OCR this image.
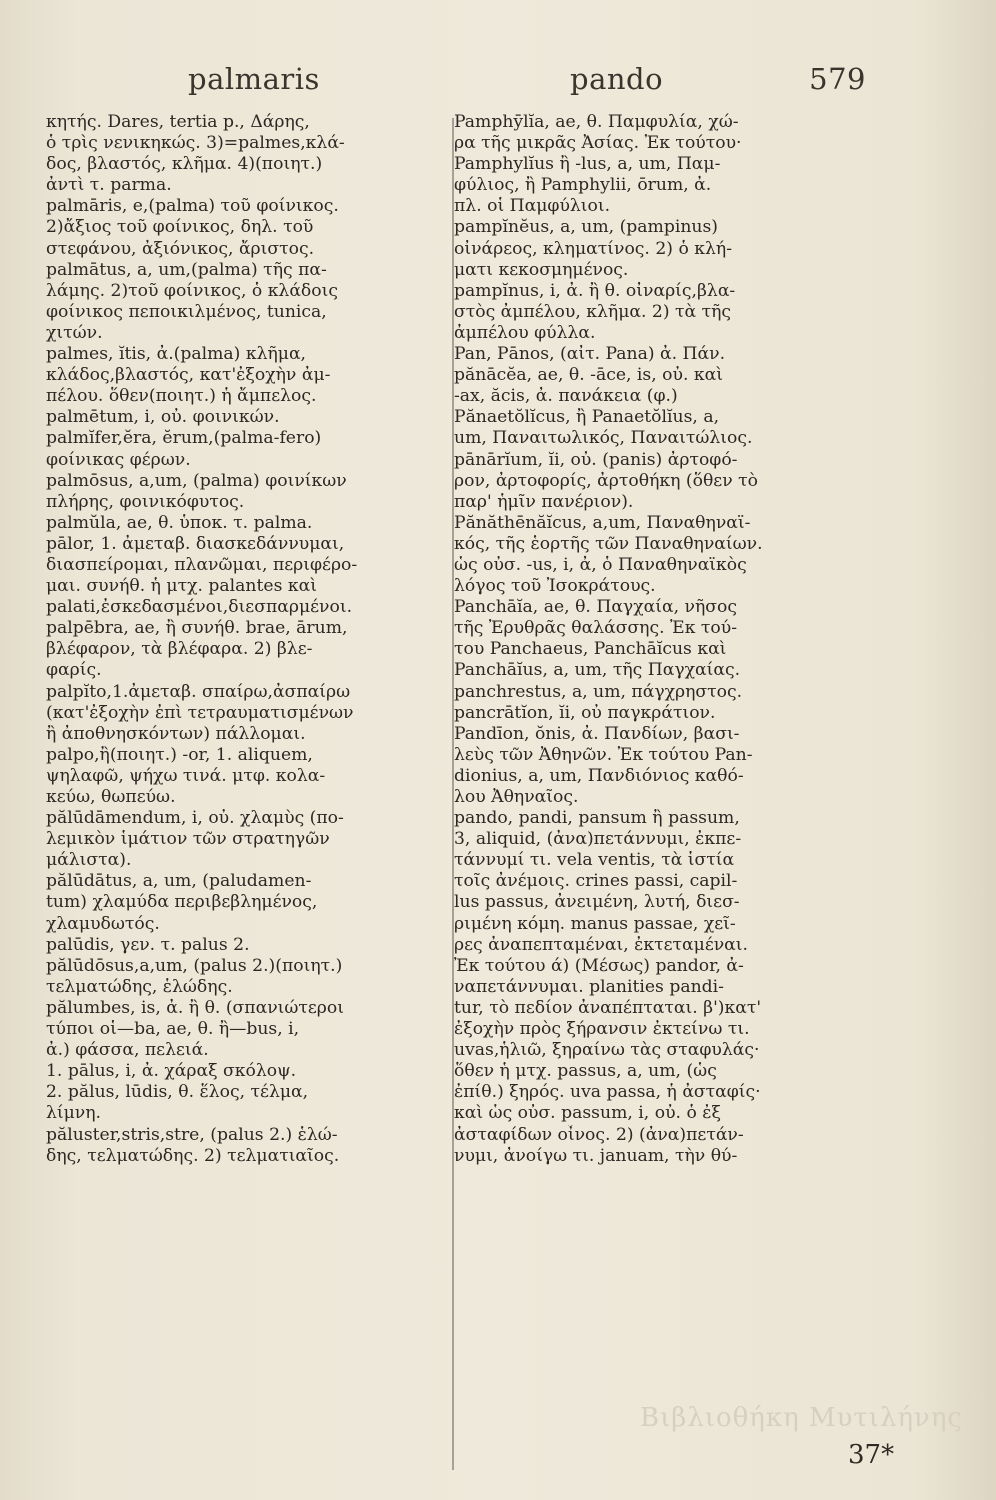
palmaris	pando	579
κητής. Dares, tertia p., Δάρης,
ὁ τρὶς νενικηκώς. 3)=palmes,κλά-
δος, βλαστός, κλῆμα. 4)(ποιητ.)
ἀντὶ τ. parma.
palmāris, e,(palma) τοῦ φοίνικος.
2)ἄξιος τοῦ φοίνικος, δηλ. τοῦ
στεφάνου, ἀξιόνικος, ἄριστος.
palmātus, a, um,(palma) τῆς πα-
λάμης. 2)τοῦ φοίνικος, ὁ κλάδοις
φοίνικος πεποικιλμένος, tunica,
χιτών.
palmes, ĭtis, ἀ.(palma) κλῆμα,
κλάδος,βλαστός, κατ'ἐξοχὴν ἀμ-
πέλου. ὅθεν(ποιητ.) ἡ ἄμπελος.
palmētum, i, οὐ. φοινικών.
palmĭfer,ĕra, ĕrum,(palma-fero)
φοίνικας φέρων.
palmōsus, a,um, (palma) φοινίκων
πλήρης, φοινικόφυτος.
palmŭla, ae, θ. ὑποκ. τ. palma.
pālor, 1. ἀμεταβ. διασκεδάννυμαι,
διασπείρομαι, πλανῶμαι, περιφέρο-
μαι. συνήθ. ἡ μτχ. palantes καὶ
palati,ἐσκεδασμένοι,διεσπαρμένοι.
palpēbra, ae, ἢ συνήθ. brae, ārum,
βλέφαρον, τὰ βλέφαρα. 2) βλε-
φαρίς.
palpĭto,1.ἀμεταβ. σπαίρω,ἀσπαίρω
(κατ'ἐξοχὴν ἐπὶ τετραυματισμένων
ἢ ἀποθνησκόντων) πάλλομαι.
palpo,ἢ(ποιητ.) -or, 1. aliquem,
ψηλαφῶ, ψήχω τινά. μτφ. κολα-
κεύω, θωπεύω.
pălūdāmendum, i, οὐ. χλαμὺς (πο-
λεμικὸν ἱμάτιον τῶν στρατηγῶν
μάλιστα).
pălūdātus, a, um, (paludamen-
tum) χλαμύδα περιβεβλημένος,
χλαμυδωτός.
palūdis, γεν. τ. palus 2.
pălūdōsus,a,um, (palus 2.)(ποιητ.)
τελματώδης, ἑλώδης.
pălumbes, is, ἀ. ἢ θ. (σπανιώτεροι
τύποι οἱ—ba, ae, θ. ἢ—bus, i,
ἀ.) φάσσα, πελειά.
1. pālus, i, ἀ. χάραξ σκόλοψ.
2. pălus, lūdis, θ. ἕλος, τέλμα,
λίμνη.
păluster,stris,stre, (palus 2.) ἑλώ-
δης, τελματώδης. 2) τελματιαῖος.
Pamphȳlĭa, ae, θ. Παμφυλία, χώ-
ρα τῆς μικρᾶς Ἀσίας. Ἐκ τούτου·
Pamphylĭus ἢ -lus, a, um, Παμ-
φύλιος, ἢ Pamphylii, ōrum, ἀ.
πλ. οἱ Παμφύλιοι.
pampĭnĕus, a, um, (pampinus)
οἰνάρεος, κληματίνος. 2) ὁ κλή-
ματι κεκοσμημένος.
pampĭnus, i, ἀ. ἢ θ. οἰναρίς,βλα-
στὸς ἀμπέλου, κλῆμα. 2) τὰ τῆς
ἀμπέλου φύλλα.
Pan, Pānos, (αἰτ. Pana) ἀ. Πάν.
pănācĕa, ae, θ. -āce, is, οὐ. καὶ
-ax, ăcis, ἀ. πανάκεια (φ.)
Pănaetŏlĭcus, ἢ Panaetŏlĭus, a,
um, Παναιτωλικός, Παναιτώλιος.
pānārĭum, ĭi, οὐ. (panis) ἀρτοφό-
ρον, ἀρτοφορίς, ἀρτοθήκη (ὅθεν τὸ
παρ' ἡμῖν πανέριον).
Pănăthēnăĭcus, a,um, Παναθηναϊ-
κός, τῆς ἑορτῆς τῶν Παναθηναίων.
ὡς οὐσ. -us, i, ἀ, ὁ Παναθηναϊκὸς
λόγος τοῦ Ἰσοκράτους.
Panchāĭa, ae, θ. Παγχαία, νῆσος
τῆς Ἐρυθρᾶς θαλάσσης. Ἐκ τού-
του Panchaeus, Panchāĭcus καὶ
Panchāĭus, a, um, τῆς Παγχαίας.
panchrestus, a, um, πάγχρηστος.
pancrātĭon, ĭi, οὐ παγκράτιον.
Pandīon, ŏnis, ἀ. Πανδίων, βασι-
λεὺς τῶν Ἀθηνῶν. Ἐκ τούτου Pan-
dionius, a, um, Πανδιόνιος καθό-
λου Ἀθηναῖος.
pando, pandi, pansum ἢ passum,
3, aliquid, (ἀνα)πετάννυμι, ἐκπε-
τάννυμί τι. vela ventis, τὰ ἱστία
τοῖς ἀνέμοις. crines passi, capil-
lus passus, ἀνειμένη, λυτή, διεσ-
ριμένη κόμη. manus passae, χεῖ-
ρες ἀναπεπταμέναι, ἐκτεταμέναι.
Ἐκ τούτου ά) (Μέσως) pandor, ἀ-
ναπετάννυμαι. planities pandi-
tur, τὸ πεδίον ἀναπέπταται. β')κατ'
ἐξοχὴν πρὸς ξήρανσιν ἐκτείνω τι.
uvas,ἡλιῶ, ξηραίνω τὰς σταφυλάς·
ὅθεν ἡ μτχ. passus, a, um, (ὡς
ἐπίθ.) ξηρός. uva passa, ἡ ἀσταφίς·
καὶ ὡς οὐσ. passum, i, οὐ. ὁ ἐξ
ἀσταφίδων οἶνος. 2) (ἀνα)πετάν-
νυμι, ἀνοίγω τι. januam, τὴν θύ-
Βιβλιοθήκη Μυτιλήνης
37*
